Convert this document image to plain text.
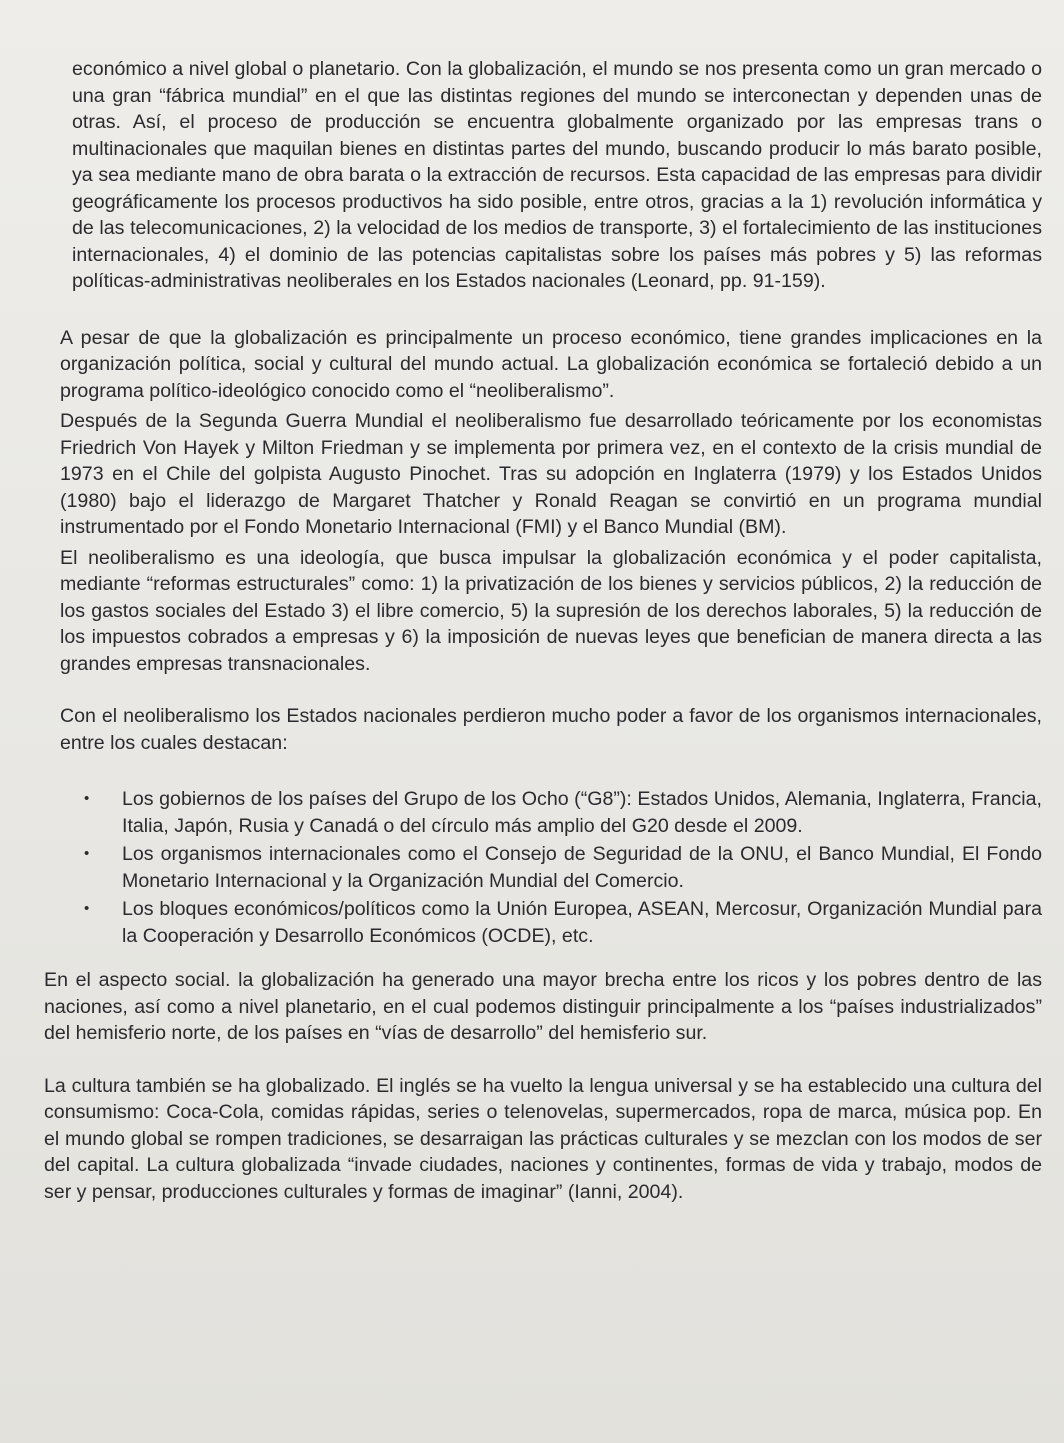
económico a nivel global o planetario. Con la globalización, el mundo se nos presenta como un gran mercado o una gran “fábrica mundial” en el que las distintas regiones del mundo se interconectan y dependen unas de otras. Así, el proceso de producción se encuentra globalmente organizado por las empresas trans o multinacionales que maquilan bienes en distintas partes del mundo, buscando producir lo más barato posible, ya sea mediante mano de obra barata o la extracción de recursos. Esta capacidad de las empresas para dividir geográficamente los procesos productivos ha sido posible, entre otros, gracias a la 1) revolución informática y de las telecomunicaciones, 2) la velocidad de los medios de transporte, 3) el fortalecimiento de las instituciones internacionales, 4) el dominio de las potencias capitalistas sobre los países más pobres y 5) las reformas políticas-administrativas neoliberales en los Estados nacionales (Leonard, pp. 91-159).

A pesar de que la globalización es principalmente un proceso económico, tiene grandes implicaciones en la organización política, social y cultural del mundo actual. La globalización económica se fortaleció debido a un programa político-ideológico conocido como el “neoliberalismo”.

Después de la Segunda Guerra Mundial el neoliberalismo fue desarrollado teóricamente por los economistas Friedrich Von Hayek y Milton Friedman y se implementa por primera vez, en el contexto de la crisis mundial de 1973 en el Chile del golpista Augusto Pinochet. Tras su adopción en Inglaterra (1979) y los Estados Unidos (1980) bajo el liderazgo de Margaret Thatcher y Ronald Reagan se convirtió en un programa mundial instrumentado por el Fondo Monetario Internacional (FMI) y el Banco Mundial (BM).

El neoliberalismo es una ideología, que busca impulsar la globalización económica y el poder capitalista, mediante “reformas estructurales” como: 1) la privatización de los bienes y servicios públicos, 2) la reducción de los gastos sociales del Estado 3) el libre comercio, 5) la supresión de los derechos laborales, 5) la reducción de los impuestos cobrados a empresas y 6) la imposición de nuevas leyes que benefician de manera directa a las grandes empresas transnacionales.

Con el neoliberalismo los Estados nacionales perdieron mucho poder a favor de los organismos internacionales, entre los cuales destacan:

• Los gobiernos de los países del Grupo de los Ocho (“G8”): Estados Unidos, Alemania, Inglaterra, Francia, Italia, Japón, Rusia y Canadá o del círculo más amplio del G20 desde el 2009.
• Los organismos internacionales como el Consejo de Seguridad de la ONU, el Banco Mundial, El Fondo Monetario Internacional y la Organización Mundial del Comercio.
• Los bloques económicos/políticos como la Unión Europea, ASEAN, Mercosur, Organización Mundial para la Cooperación y Desarrollo Económicos (OCDE), etc.

En el aspecto social. la globalización ha generado una mayor brecha entre los ricos y los pobres dentro de las naciones, así como a nivel planetario, en el cual podemos distinguir principalmente a los “países industrializados” del hemisferio norte, de los países en “vías de desarrollo” del hemisferio sur.

La cultura también se ha globalizado. El inglés se ha vuelto la lengua universal y se ha establecido una cultura del consumismo: Coca-Cola, comidas rápidas, series o telenovelas, supermercados, ropa de marca, música pop. En el mundo global se rompen tradiciones, se desarraigan las prácticas culturales y se mezclan con los modos de ser del capital. La cultura globalizada “invade ciudades, naciones y continentes, formas de vida y trabajo, modos de ser y pensar, producciones culturales y formas de imaginar” (Ianni, 2004).
